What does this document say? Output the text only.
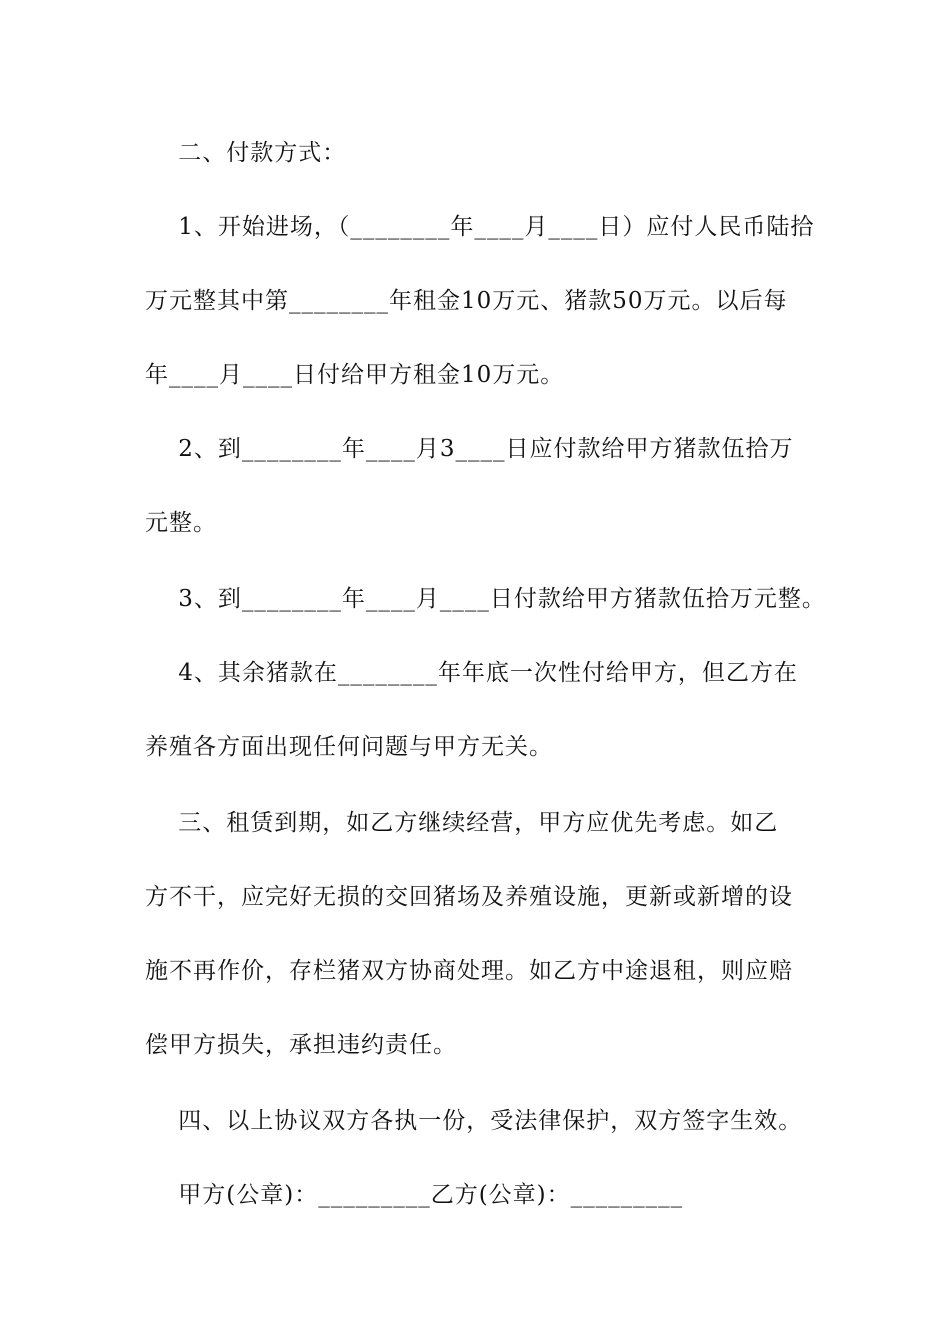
二、付款方式：
1、开始进场，（________年____月____日）应付人民币陆拾
万元整其中第________年租金10万元、猪款50万元。以后每
年____月____日付给甲方租金10万元。
2、到________年____月3____日应付款给甲方猪款伍拾万
元整。
3、到________年____月____日付款给甲方猪款伍拾万元整。
4、其余猪款在________年年底一次性付给甲方，但乙方在
养殖各方面出现任何问题与甲方无关。
三、租赁到期，如乙方继续经营，甲方应优先考虑。如乙
方不干，应完好无损的交回猪场及养殖设施，更新或新增的设
施不再作价，存栏猪双方协商处理。如乙方中途退租，则应赔
偿甲方损失，承担违约责任。
四、以上协议双方各执一份，受法律保护，双方签字生效。
甲方(公章)：_________乙方(公章)：_________
